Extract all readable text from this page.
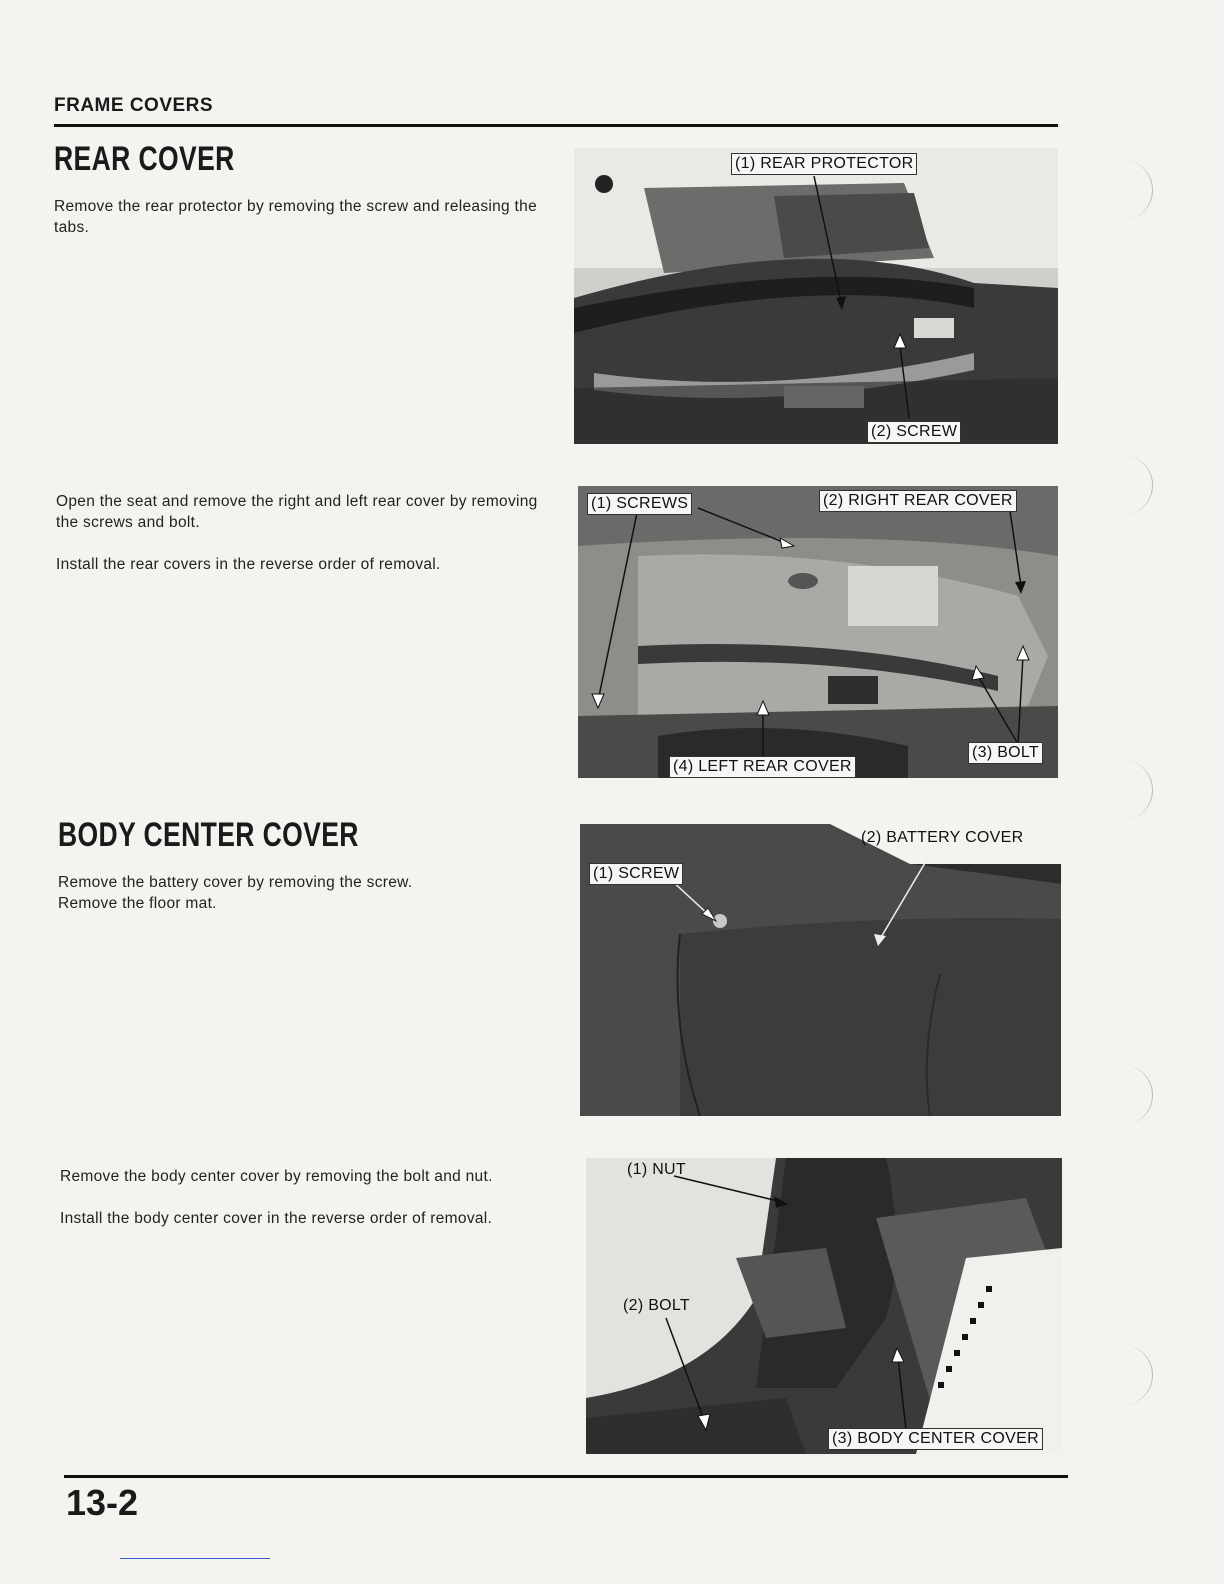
FRAME COVERS
REAR COVER

Remove the rear protector by removing the screw and releasing the tabs.

Open the seat and remove the right and left rear cover by removing the screws and bolt.

Install the rear covers in the reverse order of removal.

BODY CENTER COVER
Remove the battery cover by removing the screw.
Remove the floor mat.

Remove the body center cover by removing the bolt and nut.

Install the body center cover in the reverse order of removal.

(1) REAR PROTECTOR
(2) SCREW
(1) SCREWS	(2) RIGHT REAR COVER
(3) BOLT
(4) LEFT REAR COVER
(1) SCREW
(2) BATTERY COVER
(1) NUT
(2) BOLT
(3) BODY CENTER COVER
13-2
